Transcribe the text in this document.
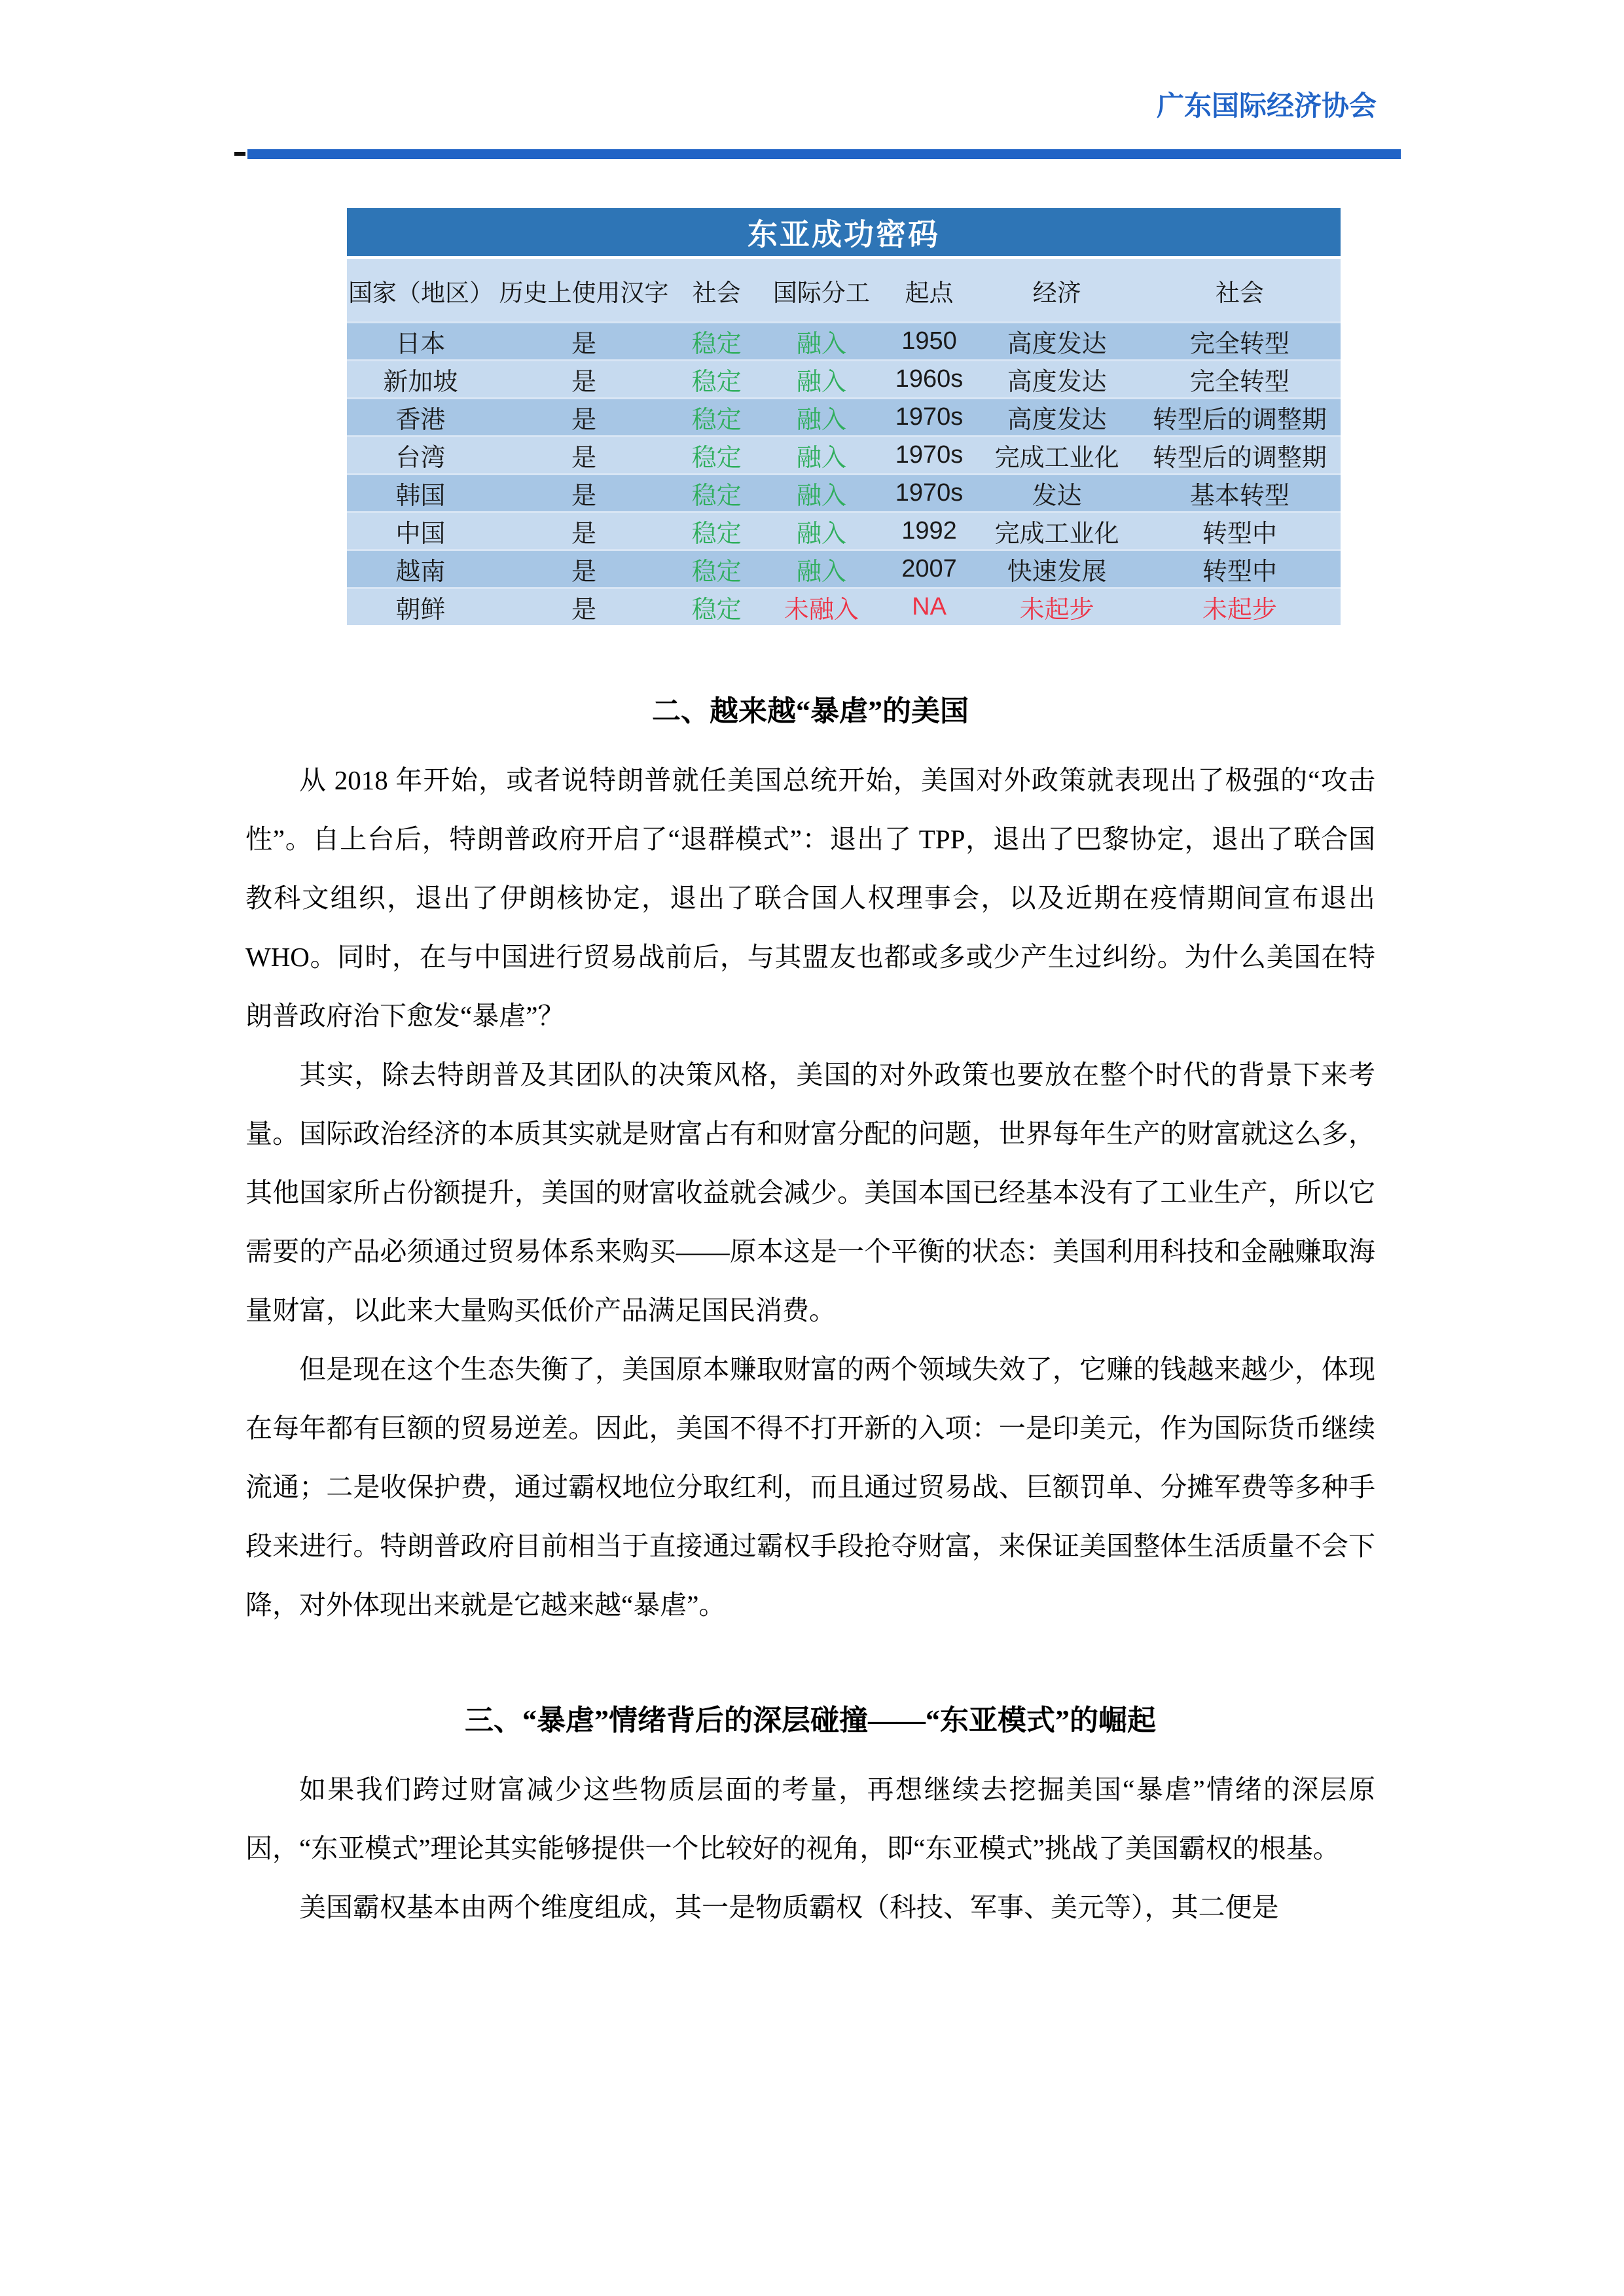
广东国际经济协会
东亚成功密码						
国家（地区）	历史上使用汉字	社会	国际分工	起点	经济	社会
日本	是	稳定	融入	1950	高度发达	完全转型
新加坡	是	稳定	融入	1960s	高度发达	完全转型
香港	是	稳定	融入	1970s	高度发达	转型后的调整期
台湾	是	稳定	融入	1970s	完成工业化	转型后的调整期
韩国	是	稳定	融入	1970s	发达	基本转型
中国	是	稳定	融入	1992	完成工业化	转型中
越南	是	稳定	融入	2007	快速发展	转型中
朝鲜	是	稳定	未融入	NA	未起步	未起步
二、越来越“暴虐”的美国

从 2018 年开始，或者说特朗普就任美国总统开始，美国对外政策就表现出了极强的“攻击性”。自上台后，特朗普政府开启了“退群模式”：退出了 TPP，退出了巴黎协定，退出了联合国教科文组织，退出了伊朗核协定，退出了联合国人权理事会，以及近期在疫情期间宣布退出 WHO。同时，在与中国进行贸易战前后，与其盟友也都或多或少产生过纠纷。为什么美国在特朗普政府治下愈发“暴虐”？

其实，除去特朗普及其团队的决策风格，美国的对外政策也要放在整个时代的背景下来考量。国际政治经济的本质其实就是财富占有和财富分配的问题，世界每年生产的财富就这么多，其他国家所占份额提升，美国的财富收益就会减少。美国本国已经基本没有了工业生产，所以它需要的产品必须通过贸易体系来购买——原本这是一个平衡的状态：美国利用科技和金融赚取海量财富，以此来大量购买低价产品满足国民消费。

但是现在这个生态失衡了，美国原本赚取财富的两个领域失效了，它赚的钱越来越少，体现在每年都有巨额的贸易逆差。因此，美国不得不打开新的入项：一是印美元，作为国际货币继续流通；二是收保护费，通过霸权地位分取红利，而且通过贸易战、巨额罚单、分摊军费等多种手段来进行。特朗普政府目前相当于直接通过霸权手段抢夺财富，来保证美国整体生活质量不会下降，对外体现出来就是它越来越“暴虐”。

三、“暴虐”情绪背后的深层碰撞——“东亚模式”的崛起

如果我们跨过财富减少这些物质层面的考量，再想继续去挖掘美国“暴虐”情绪的深层原因，“东亚模式”理论其实能够提供一个比较好的视角，即“东亚模式”挑战了美国霸权的根基。

美国霸权基本由两个维度组成，其一是物质霸权（科技、军事、美元等），其二便是
